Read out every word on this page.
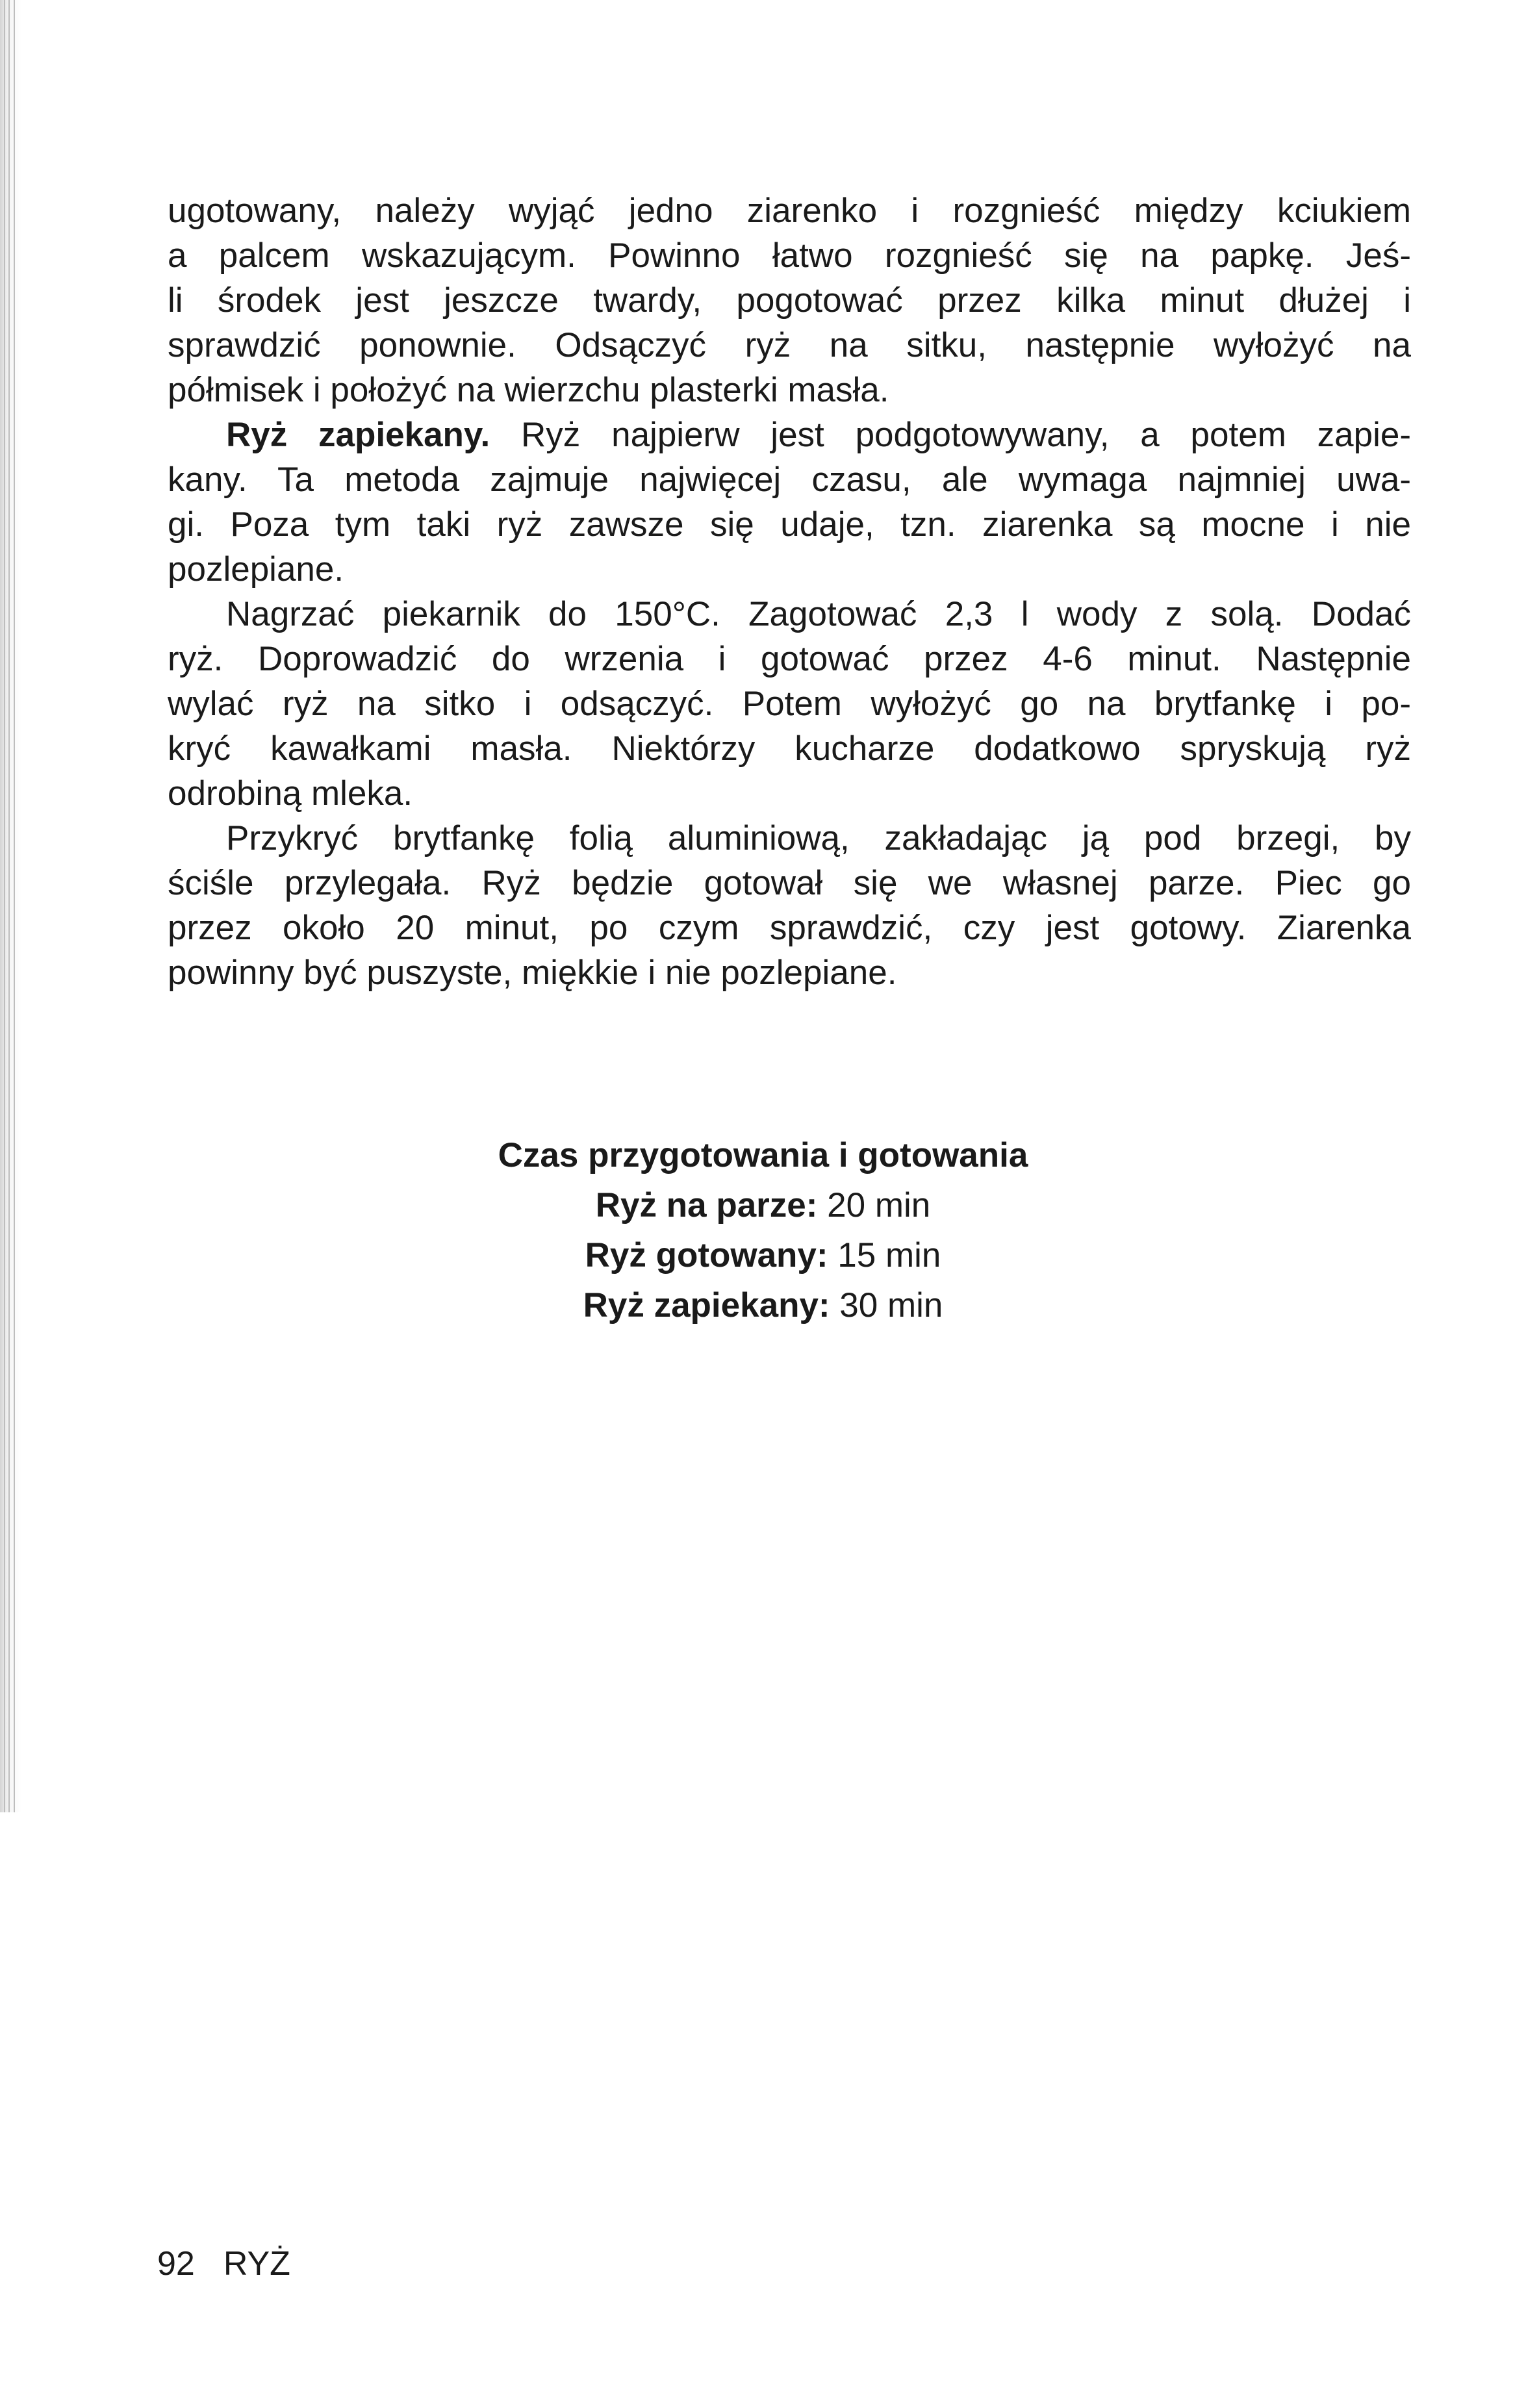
ugotowany, należy wyjąć jedno ziarenko i rozgnieść między kciukiem
a palcem wskazującym. Powinno łatwo rozgnieść się na papkę. Jeś-
li środek jest jeszcze twardy, pogotować przez kilka minut dłużej i
sprawdzić ponownie. Odsączyć ryż na sitku, następnie wyłożyć na
półmisek i położyć na wierzchu plasterki masła.
Ryż zapiekany. Ryż najpierw jest podgotowywany, a potem zapie-
kany. Ta metoda zajmuje najwięcej czasu, ale wymaga najmniej uwa-
gi. Poza tym taki ryż zawsze się udaje, tzn. ziarenka są mocne i nie
pozlepiane.
Nagrzać piekarnik do 150°C. Zagotować 2,3 l wody z solą. Dodać
ryż. Doprowadzić do wrzenia i gotować przez 4-6 minut. Następnie
wylać ryż na sitko i odsączyć. Potem wyłożyć go na brytfankę i po-
kryć kawałkami masła. Niektórzy kucharze dodatkowo spryskują ryż
odrobiną mleka.
Przykryć brytfankę folią aluminiową, zakładając ją pod brzegi, by
ściśle przylegała. Ryż będzie gotował się we własnej parze. Piec go
przez około 20 minut, po czym sprawdzić, czy jest gotowy. Ziarenka
powinny być puszyste, miękkie i nie pozlepiane.
Czas przygotowania i gotowania
Ryż na parze: 20 min
Ryż gotowany: 15 min
Ryż zapiekany: 30 min
92 RYŻ
